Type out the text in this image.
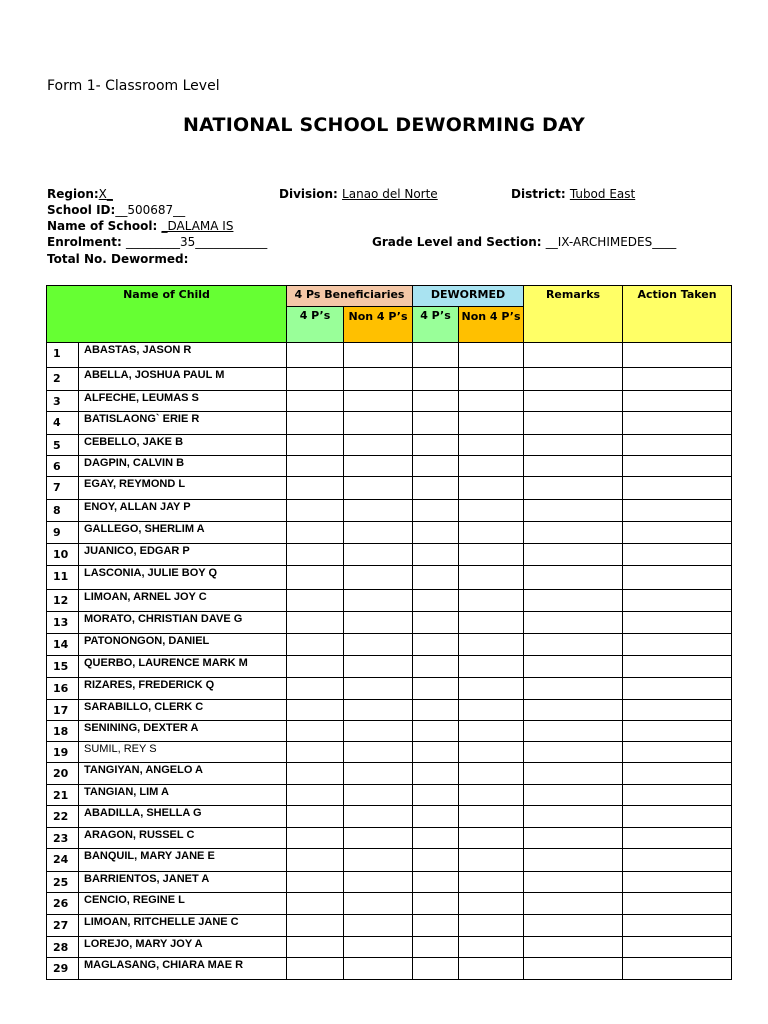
Form 1- Classroom Level
NATIONAL SCHOOL DEWORMING DAY
Region:X_	Division: Lanao del Norte	District: Tubod East
School ID:__500687__
Name of School: _DALAMA IS
Enrolment: _________35____________	Grade Level and Section: __IX-ARCHIMEDES____
Total No. Dewormed:
Name of Child		4 Ps Beneficiaries		DEWORMED		Remarks	Action Taken
		4 P’s	Non 4 P’s	4 P’s	Non 4 P’s		
1	ABASTAS, JASON R						
2	ABELLA, JOSHUA PAUL M						
3	ALFECHE, LEUMAS S						
4	BATISLAONG` ERIE R						
5	CEBELLO, JAKE B						
6	DAGPIN, CALVIN B						
7	EGAY, REYMOND L						
8	ENOY, ALLAN JAY P						
9	GALLEGO, SHERLIM A						
10	JUANICO, EDGAR P						
11	LASCONIA, JULIE BOY Q						
12	LIMOAN, ARNEL JOY C						
13	MORATO, CHRISTIAN DAVE G						
14	PATONONGON, DANIEL						
15	QUERBO, LAURENCE MARK M						
16	RIZARES, FREDERICK Q						
17	SARABILLO, CLERK C						
18	SENINING, DEXTER A						
19	SUMIL, REY S						
20	TANGIYAN, ANGELO A						
21	TANGIAN, LIM A						
22	ABADILLA, SHELLA G						
23	ARAGON, RUSSEL C						
24	BANQUIL, MARY JANE E						
25	BARRIENTOS, JANET A						
26	CENCIO, REGINE L						
27	LIMOAN, RITCHELLE JANE C						
28	LOREJO, MARY JOY A						
29	MAGLASANG, CHIARA MAE R						
